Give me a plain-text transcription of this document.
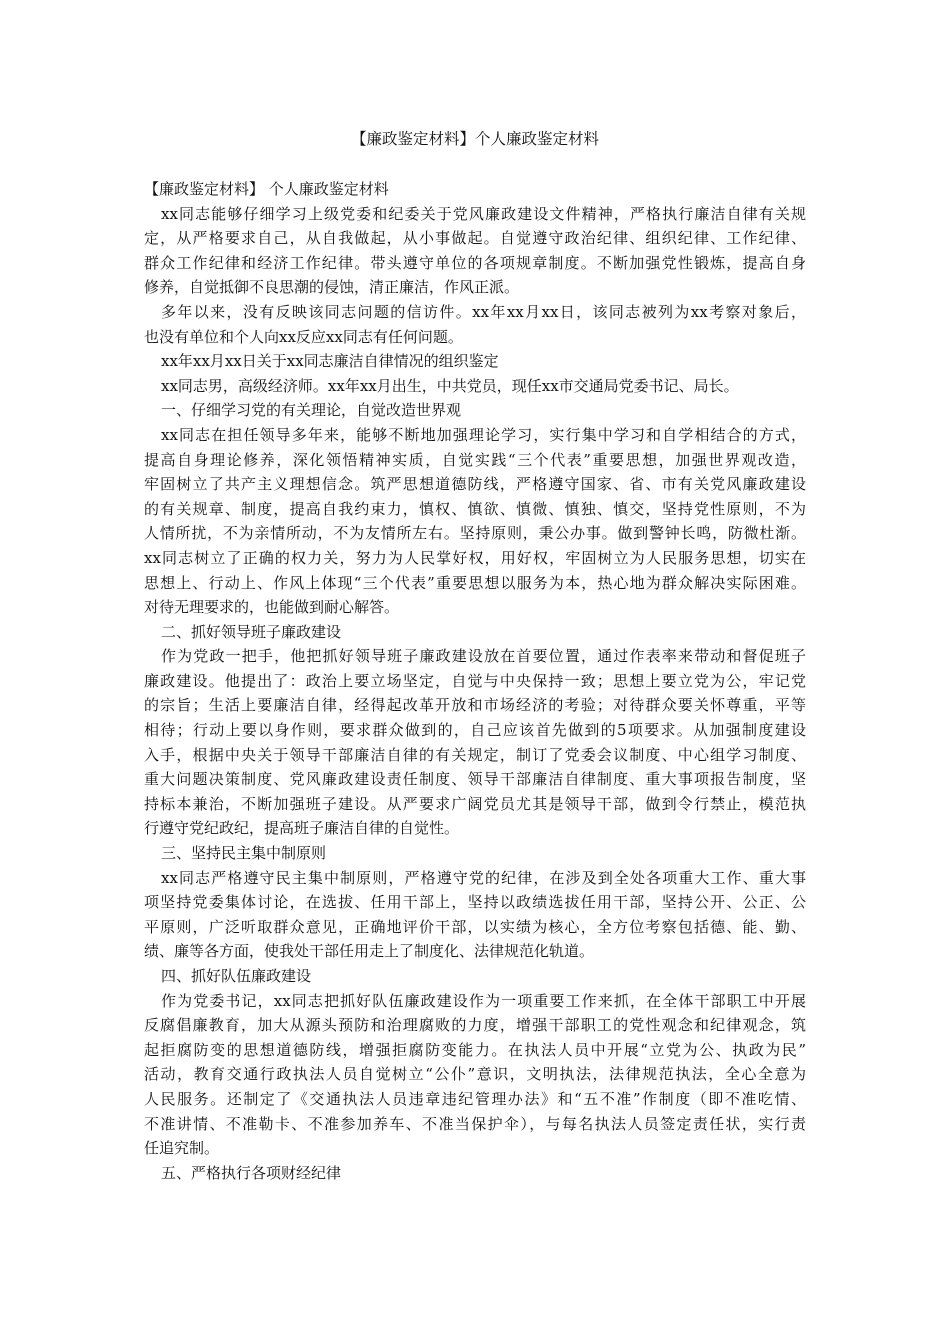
【廉政鉴定材料】个人廉政鉴定材料
【廉政鉴定材料】 个人廉政鉴定材料
xx同志能够仔细学习上级党委和纪委关于党风廉政建设文件精神，严格执行廉洁自律有关规
定，从严格要求自己，从自我做起，从小事做起。自觉遵守政治纪律、组织纪律、工作纪律、
群众工作纪律和经济工作纪律。带头遵守单位的各项规章制度。不断加强党性锻炼，提高自身
修养，自觉抵御不良思潮的侵蚀，清正廉洁，作风正派。
多年以来，没有反映该同志问题的信访件。xx年xx月xx日，该同志被列为xx考察对象后，
也没有单位和个人向xx反应xx同志有任何问题。
xx年xx月xx日关于xx同志廉洁自律情况的组织鉴定
xx同志男，高级经济师。xx年xx月出生，中共党员，现任xx市交通局党委书记、局长。
一、仔细学习党的有关理论，自觉改造世界观
xx同志在担任领导多年来，能够不断地加强理论学习，实行集中学习和自学相结合的方式，
提高自身理论修养，深化领悟精神实质，自觉实践“三个代表”重要思想，加强世界观改造，
牢固树立了共产主义理想信念。筑严思想道德防线，严格遵守国家、省、市有关党风廉政建设
的有关规章、制度，提高自我约束力，慎权、慎欲、慎微、慎独、慎交，坚持党性原则，不为
人情所扰，不为亲情所动，不为友情所左右。坚持原则，秉公办事。做到警钟长鸣，防微杜渐。
xx同志树立了正确的权力关，努力为人民掌好权，用好权，牢固树立为人民服务思想，切实在
思想上、行动上、作风上体现“三个代表”重要思想以服务为本，热心地为群众解决实际困难。
对待无理要求的，也能做到耐心解答。
二、抓好领导班子廉政建设
作为党政一把手，他把抓好领导班子廉政建设放在首要位置，通过作表率来带动和督促班子
廉政建设。他提出了：政治上要立场坚定，自觉与中央保持一致；思想上要立党为公，牢记党
的宗旨；生活上要廉洁自律，经得起改革开放和市场经济的考验；对待群众要关怀尊重，平等
相待；行动上要以身作则，要求群众做到的，自己应该首先做到的5项要求。从加强制度建设
入手，根据中央关于领导干部廉洁自律的有关规定，制订了党委会议制度、中心组学习制度、
重大问题决策制度、党风廉政建设责任制度、领导干部廉洁自律制度、重大事项报告制度，坚
持标本兼治，不断加强班子建设。从严要求广阔党员尤其是领导干部，做到令行禁止，模范执
行遵守党纪政纪，提高班子廉洁自律的自觉性。
三、坚持民主集中制原则
xx同志严格遵守民主集中制原则，严格遵守党的纪律，在涉及到全处各项重大工作、重大事
项坚持党委集体讨论，在选拔、任用干部上，坚持以政绩选拔任用干部，坚持公开、公正、公
平原则，广泛听取群众意见，正确地评价干部，以实绩为核心，全方位考察包括德、能、勤、
绩、廉等各方面，使我处干部任用走上了制度化、法律规范化轨道。
四、抓好队伍廉政建设
作为党委书记，xx同志把抓好队伍廉政建设作为一项重要工作来抓，在全体干部职工中开展
反腐倡廉教育，加大从源头预防和治理腐败的力度，增强干部职工的党性观念和纪律观念，筑
起拒腐防变的思想道德防线，增强拒腐防变能力。在执法人员中开展“立党为公、执政为民”
活动，教育交通行政执法人员自觉树立“公仆”意识，文明执法，法律规范执法，全心全意为
人民服务。还制定了《交通执法人员违章违纪管理办法》和“五不准”作制度（即不准吃情、
不准讲情、不准勒卡、不准参加养车、不准当保护伞），与每名执法人员签定责任状，实行责
任追究制。
五、严格执行各项财经纪律
